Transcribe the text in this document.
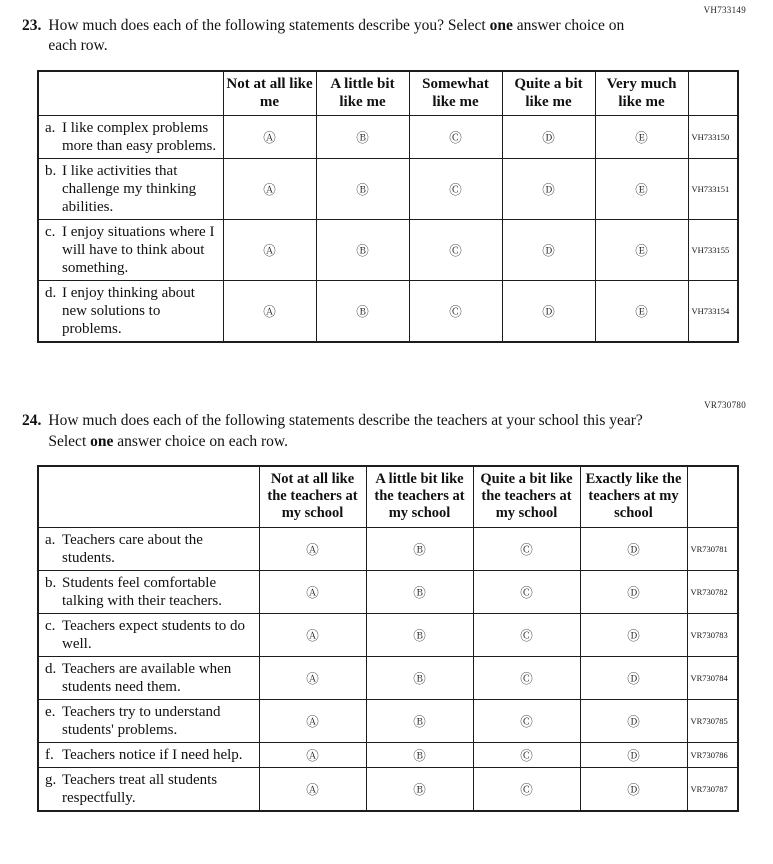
VH733149
23. How much does each of the following statements describe you? Select one answer choice on each row.
	Not at all like me	A little bit like me	Somewhat like me	Quite a bit like me	Very much like me	
a. I like complex problems more than easy problems.	Ⓐ	Ⓑ	Ⓒ	Ⓓ	Ⓔ	VH733150
b. I like activities that challenge my thinking abilities.	Ⓐ	Ⓑ	Ⓒ	Ⓓ	Ⓔ	VH733151
c. I enjoy situations where I will have to think about something.	Ⓐ	Ⓑ	Ⓒ	Ⓓ	Ⓔ	VH733155
d. I enjoy thinking about new solutions to problems.	Ⓐ	Ⓑ	Ⓒ	Ⓓ	Ⓔ	VH733154
VR730780
24. How much does each of the following statements describe the teachers at your school this year? Select one answer choice on each row.
	Not at all like the teachers at my school	A little bit like the teachers at my school	Quite a bit like the teachers at my school	Exactly like the teachers at my school	
a. Teachers care about the students.	Ⓐ	Ⓑ	Ⓒ	Ⓓ	VR730781
b. Students feel comfortable talking with their teachers.	Ⓐ	Ⓑ	Ⓒ	Ⓓ	VR730782
c. Teachers expect students to do well.	Ⓐ	Ⓑ	Ⓒ	Ⓓ	VR730783
d. Teachers are available when students need them.	Ⓐ	Ⓑ	Ⓒ	Ⓓ	VR730784
e. Teachers try to understand students' problems.	Ⓐ	Ⓑ	Ⓒ	Ⓓ	VR730785
f. Teachers notice if I need help.	Ⓐ	Ⓑ	Ⓒ	Ⓓ	VR730786
g. Teachers treat all students respectfully.	Ⓐ	Ⓑ	Ⓒ	Ⓓ	VR730787
